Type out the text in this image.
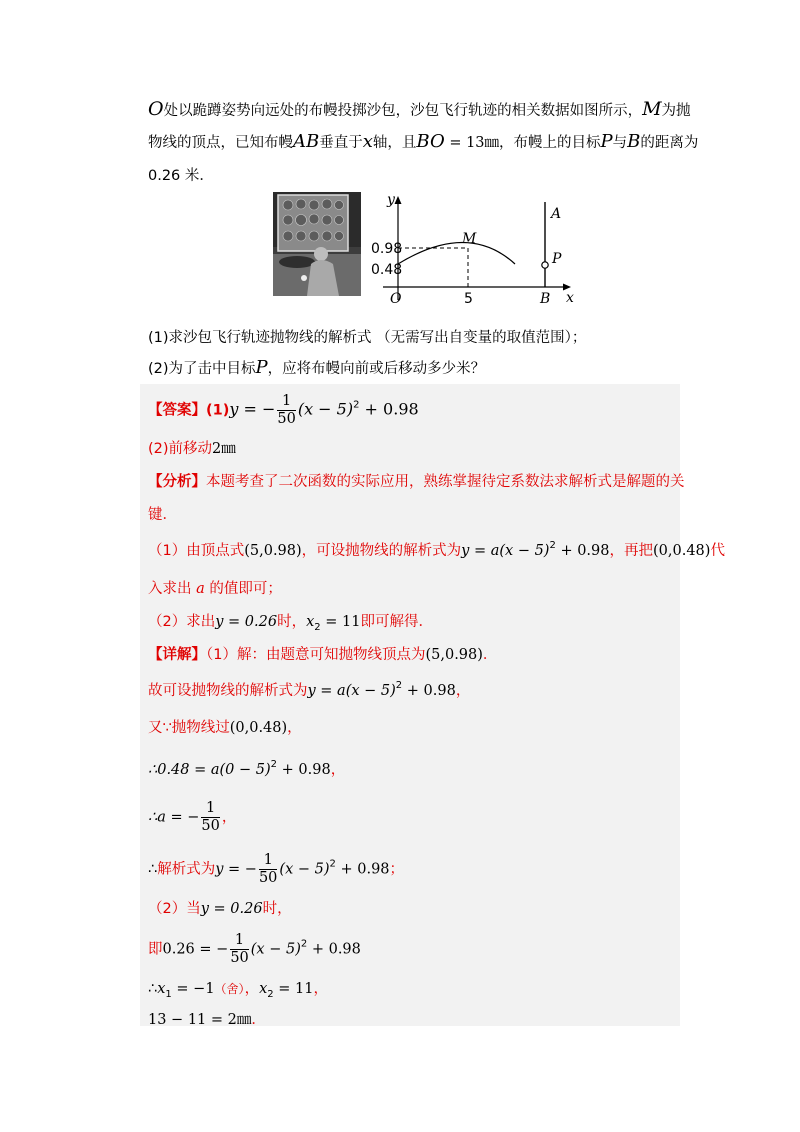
O处以跪蹲姿势向远处的布幔投掷沙包，沙包飞行轨迹的相关数据如图所示，M为抛
物线的顶点，已知布幔AB垂直于x轴，且BO = 13㎜，布幔上的目标P与B的距离为
0.26 米．
y
x
O
0.98
0.48
5
M
A
P
B
(1)求沙包飞行轨迹抛物线的解析式 （无需写出自变量的取值范围）；
(2)为了击中目标P，应将布幔向前或后移动多少米？
【答案】(1)y = − $\frac{1}{50} (x - 5)^2 + 0.98$
(2)前移动2㎜
【分析】本题考查了二次函数的实际应用，熟练掌握待定系数法求解析式是解题的关
键．
（1）由顶点式(5,0.98)，可设抛物线的解析式为$y = a(x - 5)^2 + 0.98$，再把(0,0.48)代
入求出 a 的值即可；
（2）求出y = 0.26时，$x_2 = 11$即可解得．
【详解】（1）解：由题意可知抛物线顶点为(5,0.98)．
故可设抛物线的解析式为$y = a(x - 5)^2 + 0.98$，
又∵抛物线过(0,0.48)，
∴0.48 = $a(0 - 5)^2 + 0.98$，
∴a = − $\frac{1}{50}$ ，
∴解析式为y = − $\frac{1}{50} (x - 5)^2 + 0.98$；
（2）当y = 0.26时，
即0.26 = − $\frac{1}{50} (x - 5)^2 + 0.98$
$\therefore x_1 = -1$（舍），$x_2 = 11$，
13 − 11 = 2㎜．
